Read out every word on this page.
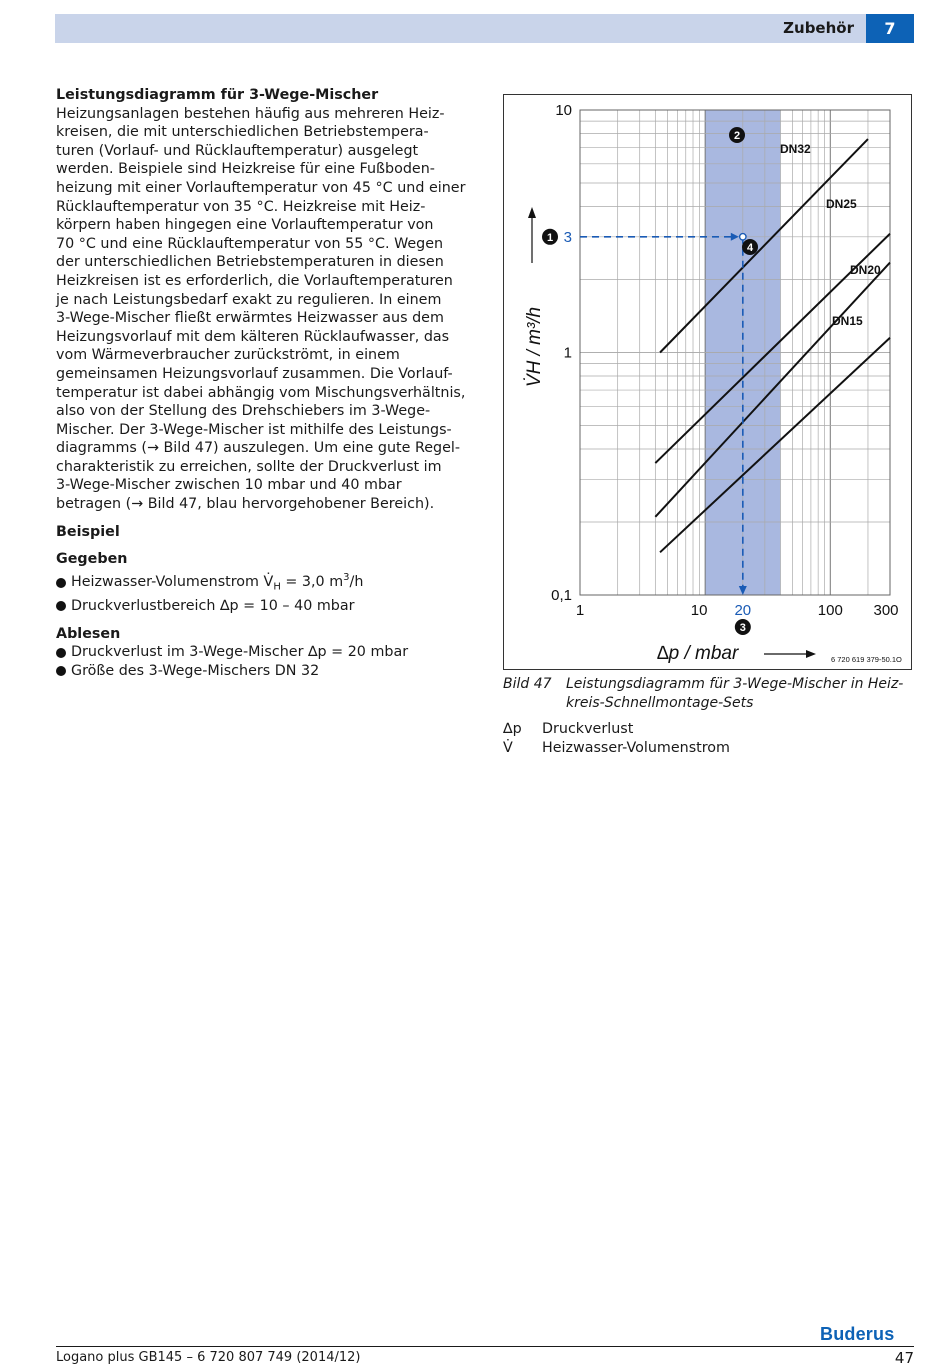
Zubehör	7
Leistungsdiagramm für 3-Wege-Mischer

Heizungsanlagen bestehen häufig aus mehreren Heiz-

kreisen, die mit unterschiedlichen Betriebstempera-

turen (Vorlauf- und Rücklauftemperatur) ausgelegt

werden. Beispiele sind Heizkreise für eine Fußboden-

heizung mit einer Vorlauftemperatur von 45 °C und einer

Rücklauftemperatur von 35 °C. Heizkreise mit Heiz-

körpern haben hingegen eine Vorlauftemperatur von

70 °C und eine Rücklauftemperatur von 55 °C. Wegen

der unterschiedlichen Betriebstemperaturen in diesen

Heizkreisen ist es erforderlich, die Vorlauftemperaturen

je nach Leistungsbedarf exakt zu regulieren. In einem

3-Wege-Mischer fließt erwärmtes Heizwasser aus dem

Heizungsvorlauf mit dem kälteren Rücklaufwasser, das

vom Wärmeverbraucher zurückströmt, in einem

gemeinsamen Heizungsvorlauf zusammen. Die Vorlauf-

temperatur ist dabei abhängig vom Mischungsverhältnis,

also von der Stellung des Drehschiebers im 3-Wege-

Mischer. Der 3-Wege-Mischer ist mithilfe des Leistungs-

diagramms (→ Bild 47) auszulegen. Um eine gute Regel-

charakteristik zu erreichen, sollte der Druckverlust im

3-Wege-Mischer zwischen 10 mbar und 40 mbar

betragen (→ Bild 47, blau hervorgehobener Bereich).

Beispiel
Gegeben
Heizwasser-Volumenstrom $V̇_H = 3,0$ $m^3/h$
Druckverlustbereich ∆p = 10 – 40 mbar
Ablesen
Druckverlust im 3-Wege-Mischer ∆p = 20 mbar
Größe des 3-Wege-Mischers DN 32
DN32
DN25
DN20
DN15
10
1
0,1
3
1	10 20	100 300
∆p / mbar
V̇H / m³/h
1
2
3
4
6 720 619 379-50.1O
Bild 47 Leistungsdiagramm für 3-Wege-Mischer in Heiz-kreis-Schnellmontage-Sets
∆p Druckverlust
V̇ Heizwasser-Volumenstrom
Buderus
Logano plus GB145 – 6 720 807 749 (2014/12)	47
